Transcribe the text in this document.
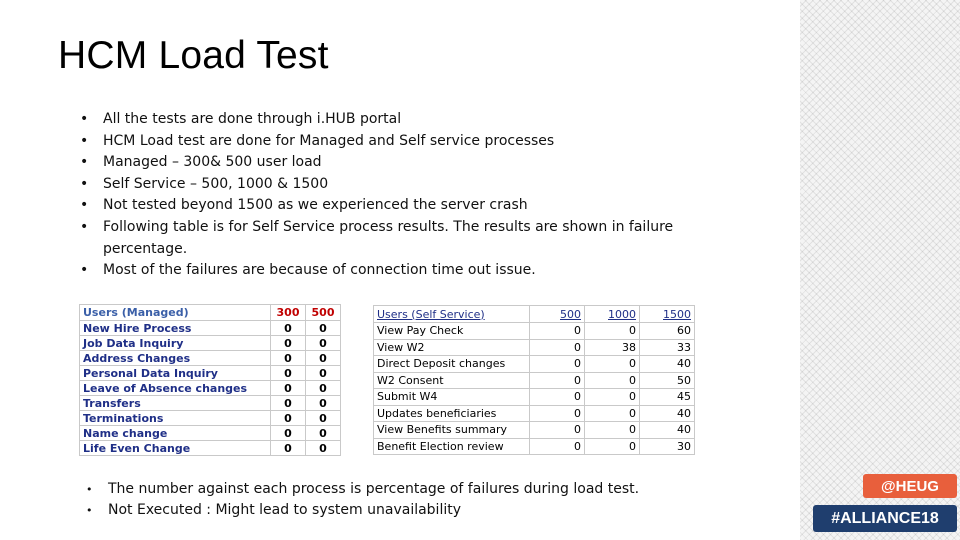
HCM Load Test
• All the tests are done through i.HUB portal
• HCM Load test are done for Managed and Self service processes
• Managed – 300& 500 user load
• Self Service – 500, 1000 & 1500
• Not tested beyond 1500 as we experienced the server crash
• Following table is for Self Service process results. The results are shown in failure percentage.
• Most of the failures are because of connection time out issue.
Users (Managed)	300	500
New Hire Process	0	0
Job Data Inquiry	0	0
Address Changes	0	0
Personal Data Inquiry	0	0
Leave of Absence changes	0	0
Transfers	0	0
Terminations	0	0
Name change	0	0
Life Even Change	0	0
Users (Self Service)	500	1000	1500
View Pay Check	0	0	60
View W2	0	38	33
Direct Deposit changes	0	0	40
W2 Consent	0	0	50
Submit W4	0	0	45
Updates beneficiaries	0	0	40
View Benefits summary	0	0	40
Benefit Election review	0	0	30
• The number against each process is percentage of failures during load test.
• Not Executed : Might lead to system unavailability
@HEUG
#ALLIANCE18
